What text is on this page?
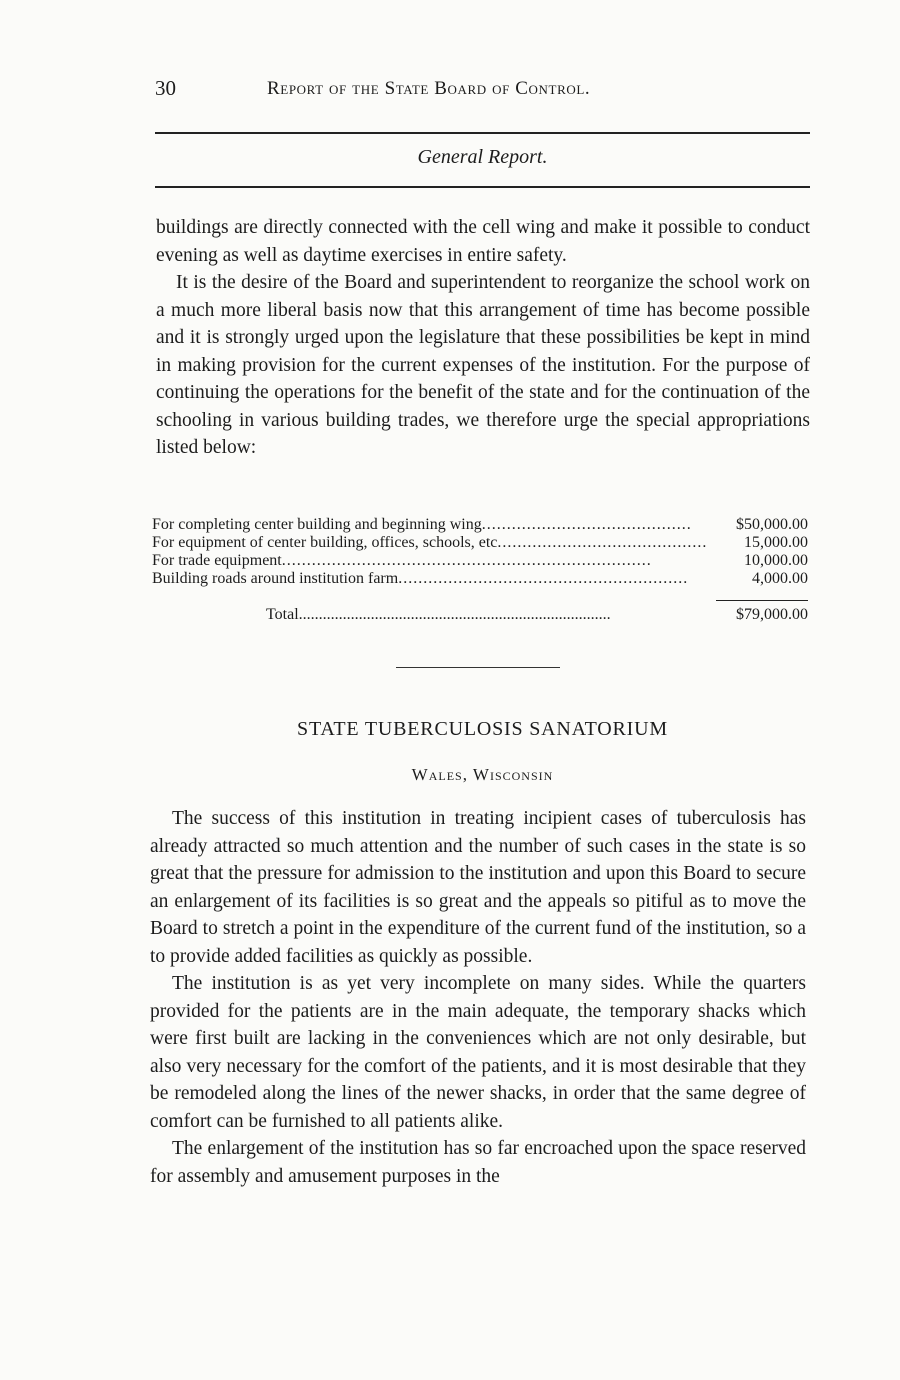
30	Report of the State Board of Control.
General Report.

buildings are directly connected with the cell wing and make it possible to conduct evening as well as daytime exercises in entire safety.

It is the desire of the Board and superintendent to reorganize the school work on a much more liberal basis now that this arrangement of time has become possible and it is strongly urged upon the legislature that these possibilities be kept in mind in making provision for the current expenses of the institution. For the purpose of continuing the operations for the benefit of the state and for the continuation of the schooling in various building trades, we therefore urge the special appropriations listed below:

For completing center building and beginning wing..........................................	$50,000.00
For equipment of center building, offices, schools, etc..........................................	15,000.00
For trade equipment..........................................................................	10,000.00
Building roads around institution farm..........................................................	4,000.00
Total..............................................................................	$79,000.00
STATE TUBERCULOSIS SANATORIUM
Wales, Wisconsin

The success of this institution in treating incipient cases of tuberculosis has already attracted so much attention and the number of such cases in the state is so great that the pressure for admission to the institution and upon this Board to secure an enlargement of its facilities is so great and the appeals so pitiful as to move the Board to stretch a point in the expenditure of the current fund of the institution, so a to provide added facilities as quickly as possible.

The institution is as yet very incomplete on many sides. While the quarters provided for the patients are in the main adequate, the temporary shacks which were first built are lacking in the conveniences which are not only desirable, but also very necessary for the comfort of the patients, and it is most desirable that they be remodeled along the lines of the newer shacks, in order that the same degree of comfort can be furnished to all patients alike.

The enlargement of the institution has so far encroached upon the space reserved for assembly and amusement purposes in the
